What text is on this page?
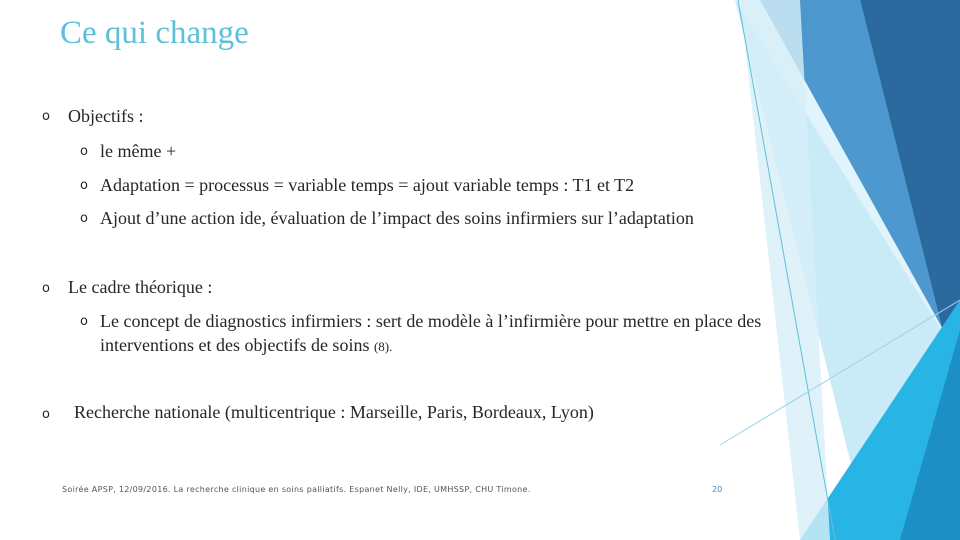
Ce qui change
o Objectifs :
o le même +
o Adaptation = processus = variable temps = ajout variable temps : T1 et T2
o Ajout d’une action ide, évaluation de l’impact des soins infirmiers sur l’adaptation
o Le cadre théorique :
o Le concept de diagnostics infirmiers : sert de modèle à l’infirmière pour mettre en place des interventions et des objectifs de soins (8).
o Recherche nationale (multicentrique : Marseille, Paris, Bordeaux, Lyon)
Soirée APSP, 12/09/2016. La recherche clinique en soins palliatifs. Espanet Nelly, IDE, UMHSSP, CHU Timone.	20
